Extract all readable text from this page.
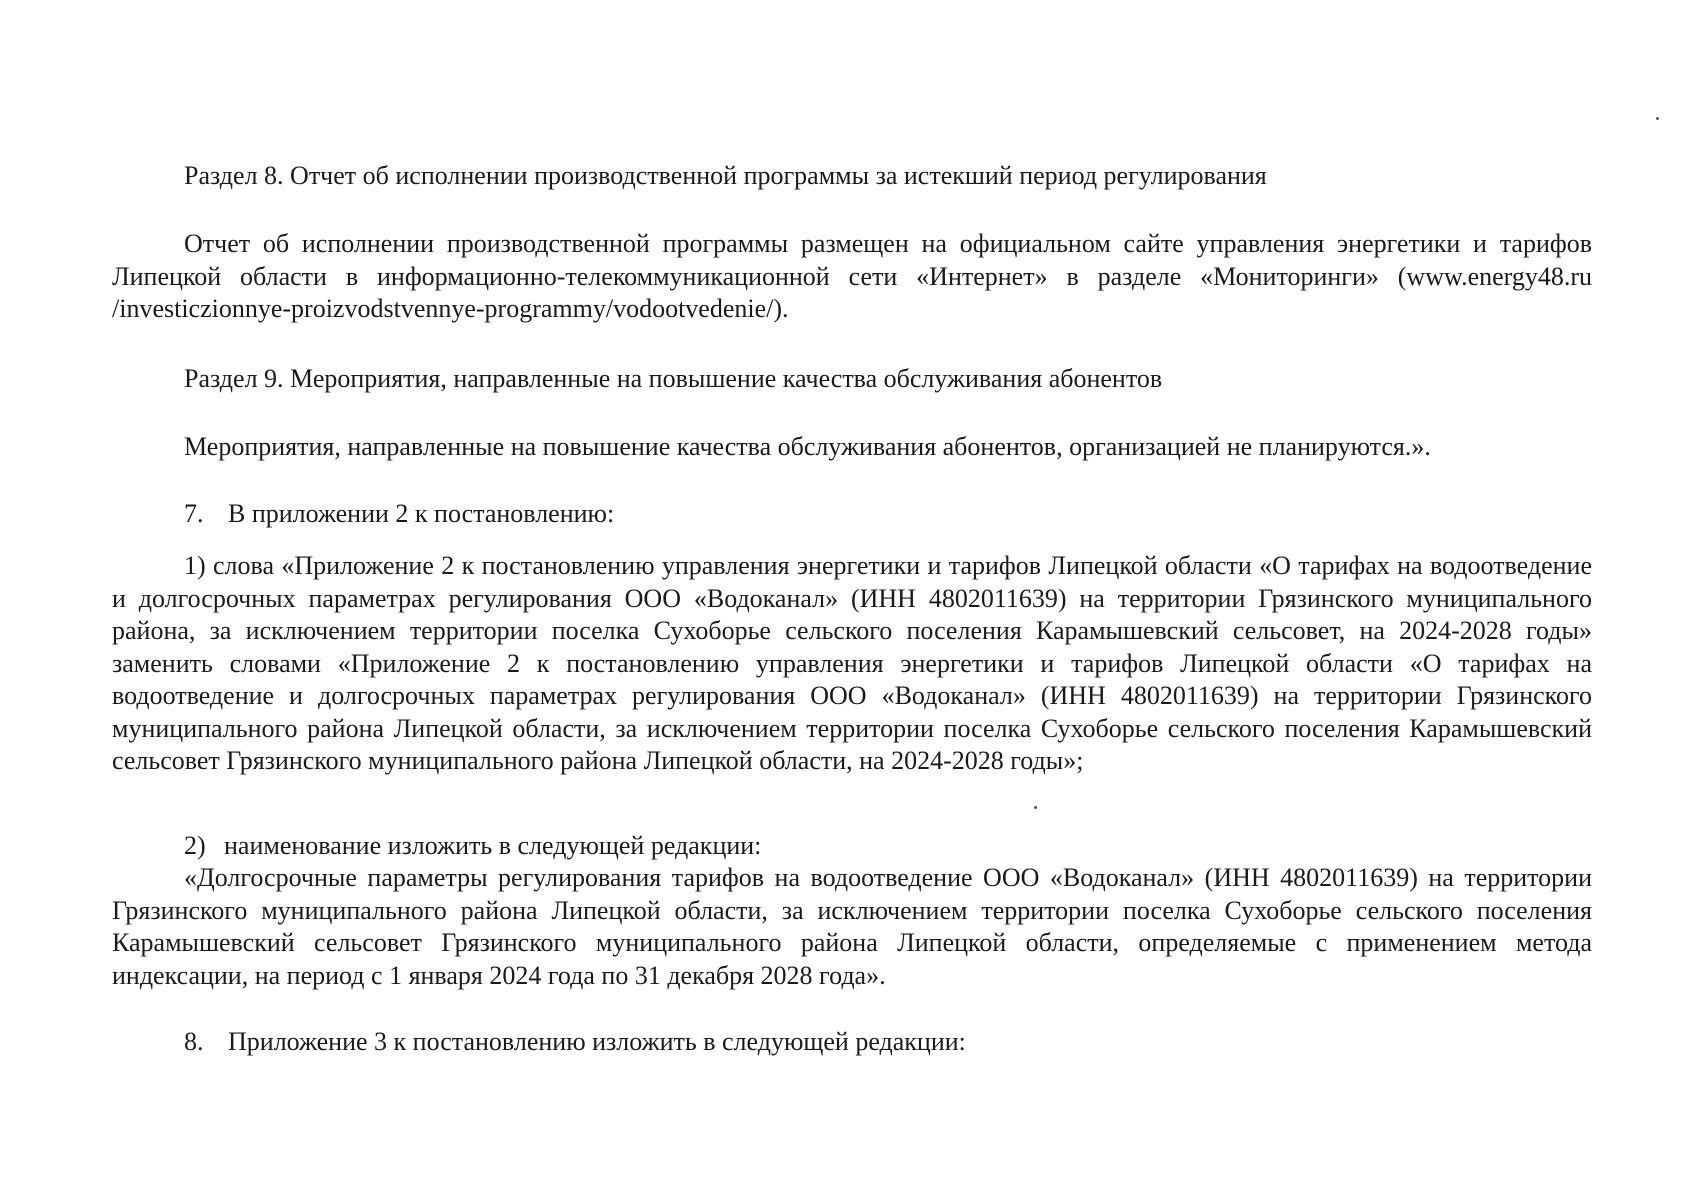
Раздел 8. Отчет об исполнении производственной программы за истекший период регулирования

Отчет об исполнении производственной программы размещен на официальном сайте управления энергетики и тарифов Липецкой области в информационно-телекоммуникационной сети «Интернет» в разделе «Мониторинги» (www.energy48.ru /investiczionnye-proizvodstvennye-programmy/vodootvedenie/).

Раздел 9. Мероприятия, направленные на повышение качества обслуживания абонентов

Мероприятия, направленные на повышение качества обслуживания абонентов, организацией не планируются.».

7. В приложении 2 к постановлению:

1) слова «Приложение 2 к постановлению управления энергетики и тарифов Липецкой области «О тарифах на водоотведение и долгосрочных параметрах регулирования ООО «Водоканал» (ИНН 4802011639) на территории Грязинского муниципального района, за исключением территории поселка Сухоборье сельского поселения Карамышевский сельсовет, на 2024-2028 годы» заменить словами «Приложение 2 к постановлению управления энергетики и тарифов Липецкой области «О тарифах на водоотведение и долгосрочных параметрах регулирования ООО «Водоканал» (ИНН 4802011639) на территории Грязинского муниципального района Липецкой области, за исключением территории поселка Сухоборье сельского поселения Карамышевский сельсовет Грязинского муниципального района Липецкой области, на 2024-2028 годы»;

2) наименование изложить в следующей редакции:

«Долгосрочные параметры регулирования тарифов на водоотведение ООО «Водоканал» (ИНН 4802011639) на территории Грязинского муниципального района Липецкой области, за исключением территории поселка Сухоборье сельского поселения Карамышевский сельсовет Грязинского муниципального района Липецкой области, определяемые с применением метода индексации, на период с 1 января 2024 года по 31 декабря 2028 года».

8. Приложение 3 к постановлению изложить в следующей редакции:
